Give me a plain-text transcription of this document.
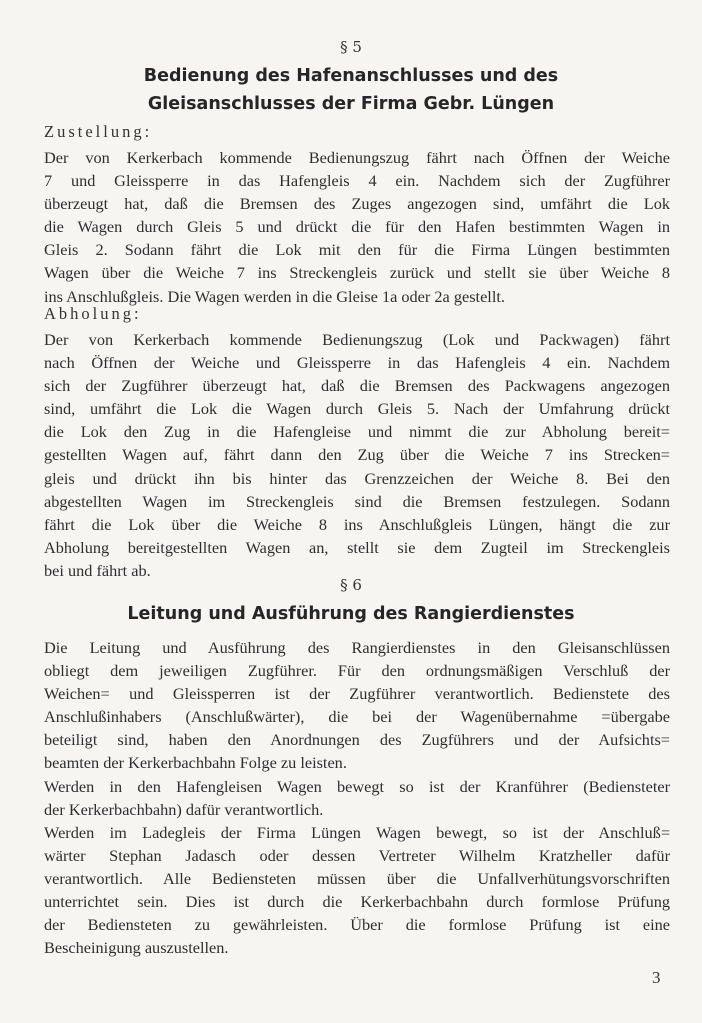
§ 5
Bedienung des Hafenanschlusses und des
Gleisanschlusses der Firma Gebr. Lüngen
Zustellung:
Der von Kerkerbach kommende Bedienungszug fährt nach Öffnen der Weiche
7 und Gleissperre in das Hafengleis 4 ein. Nachdem sich der Zugführer
überzeugt hat, daß die Bremsen des Zuges angezogen sind, umfährt die Lok
die Wagen durch Gleis 5 und drückt die für den Hafen bestimmten Wagen in
Gleis 2. Sodann fährt die Lok mit den für die Firma Lüngen bestimmten
Wagen über die Weiche 7 ins Streckengleis zurück und stellt sie über Weiche 8
ins Anschlußgleis. Die Wagen werden in die Gleise 1a oder 2a gestellt.
Abholung:
Der von Kerkerbach kommende Bedienungszug (Lok und Packwagen) fährt
nach Öffnen der Weiche und Gleissperre in das Hafengleis 4 ein. Nachdem
sich der Zugführer überzeugt hat, daß die Bremsen des Packwagens angezogen
sind, umfährt die Lok die Wagen durch Gleis 5. Nach der Umfahrung drückt
die Lok den Zug in die Hafengleise und nimmt die zur Abholung bereit=
gestellten Wagen auf, fährt dann den Zug über die Weiche 7 ins Strecken=
gleis und drückt ihn bis hinter das Grenzzeichen der Weiche 8. Bei den
abgestellten Wagen im Streckengleis sind die Bremsen festzulegen. Sodann
fährt die Lok über die Weiche 8 ins Anschlußgleis Lüngen, hängt die zur
Abholung bereitgestellten Wagen an, stellt sie dem Zugteil im Streckengleis
bei und fährt ab.
§ 6
Leitung und Ausführung des Rangierdienstes
Die Leitung und Ausführung des Rangierdienstes in den Gleisanschlüssen
obliegt dem jeweiligen Zugführer. Für den ordnungsmäßigen Verschluß der
Weichen= und Gleissperren ist der Zugführer verantwortlich. Bedienstete des
Anschlußinhabers (Anschlußwärter), die bei der Wagenübernahme =übergabe
beteiligt sind, haben den Anordnungen des Zugführers und der Aufsichts=
beamten der Kerkerbachbahn Folge zu leisten.
Werden in den Hafengleisen Wagen bewegt so ist der Kranführer (Bediensteter
der Kerkerbachbahn) dafür verantwortlich.
Werden im Ladegleis der Firma Lüngen Wagen bewegt, so ist der Anschluß=
wärter Stephan Jadasch oder dessen Vertreter Wilhelm Kratzheller dafür
verantwortlich. Alle Bediensteten müssen über die Unfallverhütungsvorschriften
unterrichtet sein. Dies ist durch die Kerkerbachbahn durch formlose Prüfung
der Bediensteten zu gewährleisten. Über die formlose Prüfung ist eine
Bescheinigung auszustellen.
3
